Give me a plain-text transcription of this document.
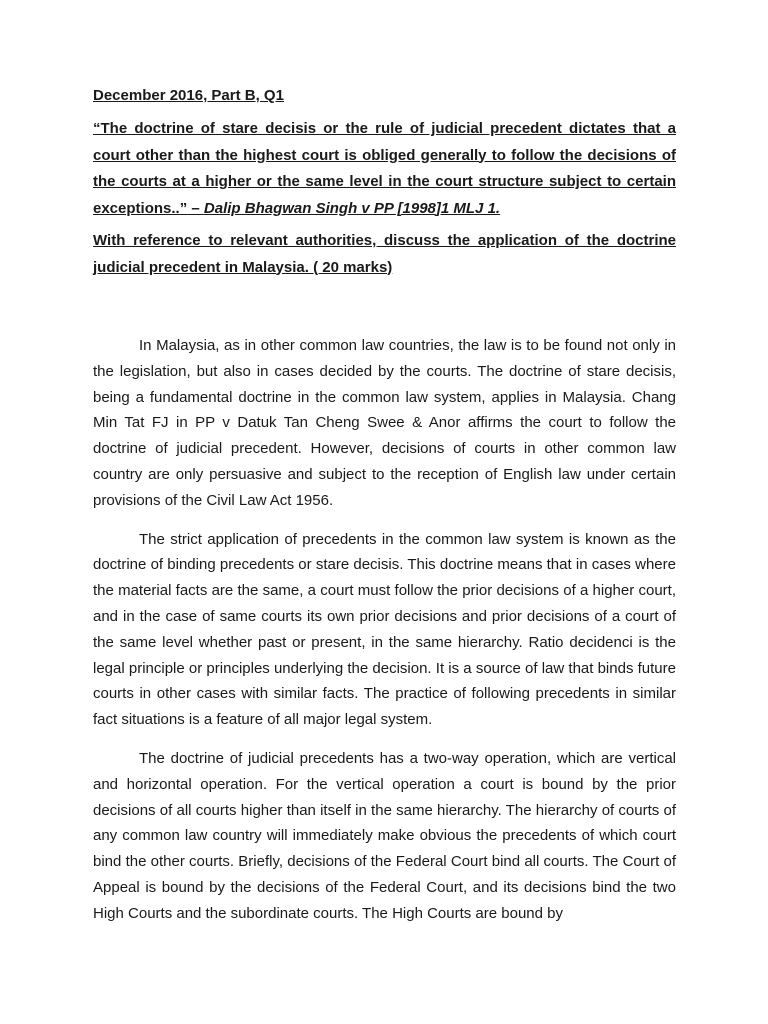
December 2016, Part B, Q1

“The doctrine of stare decisis or the rule of judicial precedent dictates that a court other than the highest court is obliged generally to follow the decisions of the courts at a higher or the same level in the court structure subject to certain exceptions..” – Dalip Bhagwan Singh v PP [1998]1 MLJ 1.

With reference to relevant authorities, discuss the application of the doctrine judicial precedent in Malaysia. ( 20 marks)

In Malaysia, as in other common law countries, the law is to be found not only in the legislation, but also in cases decided by the courts. The doctrine of stare decisis, being a fundamental doctrine in the common law system, applies in Malaysia. Chang Min Tat FJ in PP v Datuk Tan Cheng Swee & Anor affirms the court to follow the doctrine of judicial precedent. However, decisions of courts in other common law country are only persuasive and subject to the reception of English law under certain provisions of the Civil Law Act 1956.

The strict application of precedents in the common law system is known as the doctrine of binding precedents or stare decisis. This doctrine means that in cases where the material facts are the same, a court must follow the prior decisions of a higher court, and in the case of same courts its own prior decisions and prior decisions of a court of the same level whether past or present, in the same hierarchy. Ratio decidenci is the legal principle or principles underlying the decision. It is a source of law that binds future courts in other cases with similar facts. The practice of following precedents in similar fact situations is a feature of all major legal system.

The doctrine of judicial precedents has a two-way operation, which are vertical and horizontal operation. For the vertical operation a court is bound by the prior decisions of all courts higher than itself in the same hierarchy. The hierarchy of courts of any common law country will immediately make obvious the precedents of which court bind the other courts. Briefly, decisions of the Federal Court bind all courts. The Court of Appeal is bound by the decisions of the Federal Court, and its decisions bind the two High Courts and the subordinate courts. The High Courts are bound by
